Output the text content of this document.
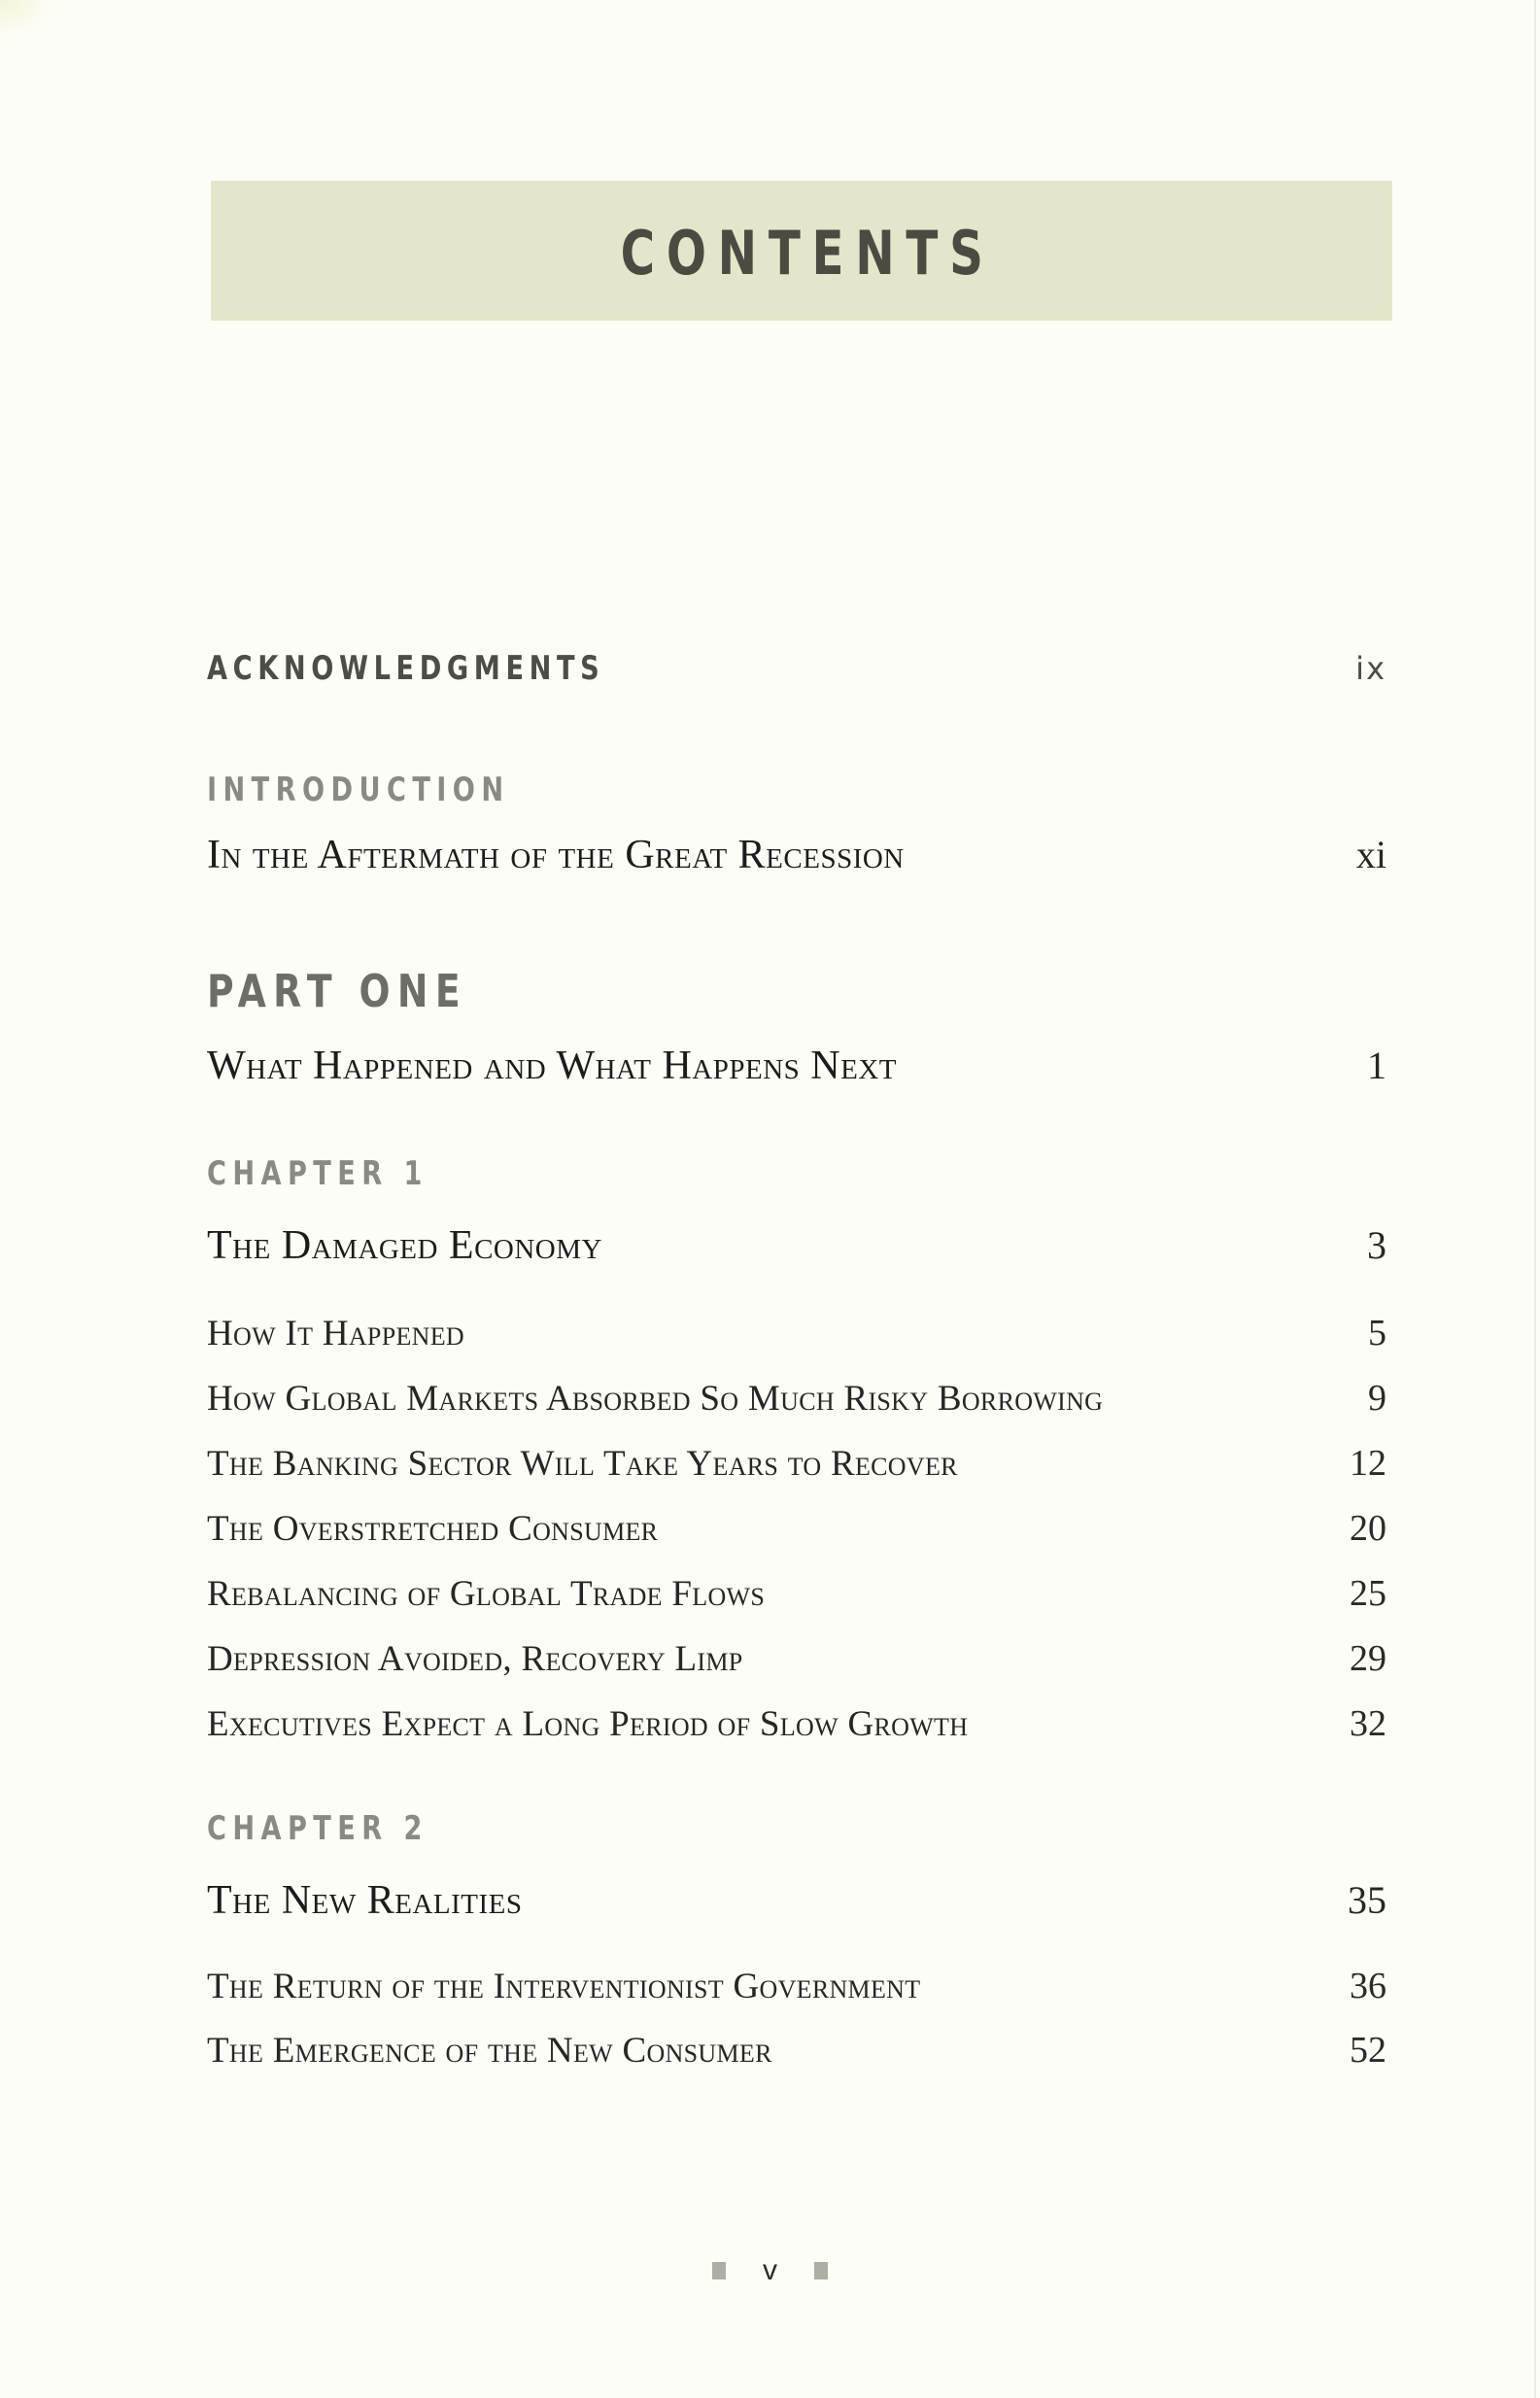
CONTENTS
ACKNOWLEDGMENTS	ix
INTRODUCTION
In the Aftermath of the Great Recession	xi
PART ONE
What Happened and What Happens Next	1
CHAPTER 1
The Damaged Economy	3
How It Happened	5
How Global Markets Absorbed So Much Risky Borrowing	9
The Banking Sector Will Take Years to Recover	12
The Overstretched Consumer	20
Rebalancing of Global Trade Flows	25
Depression Avoided, Recovery Limp	29
Executives Expect a Long Period of Slow Growth	32
CHAPTER 2
The New Realities	35
The Return of the Interventionist Government	36
The Emergence of the New Consumer	52
v
